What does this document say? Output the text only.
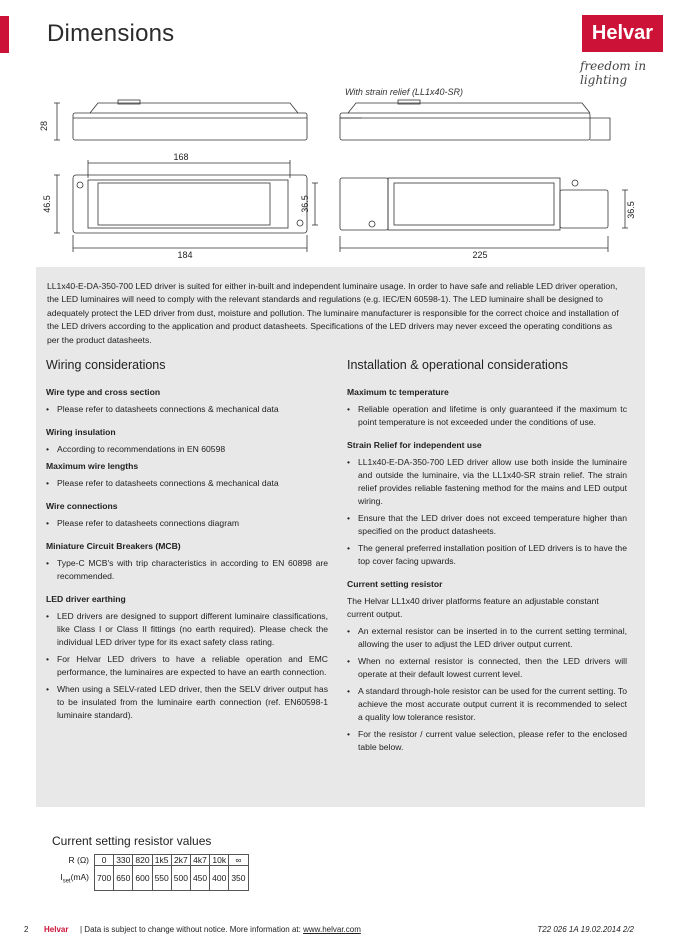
Dimensions	Helvar
freedom in lighting
With strain relief (LL1x40-SR)
28
168
46.5	36.5
184	225
36.5
LL1x40-E-DA-350-700 LED driver is suited for either in-built and independent luminaire usage. In order to have safe and reliable LED driver operation, the LED luminaires will need to comply with the relevant standards and regulations (e.g. IEC/EN 60598-1). The LED luminaire shall be designed to adequately protect the LED driver from dust, moisture and pollution. The luminaire manufacturer is responsible for the correct choice and installation of the LED drivers according to the application and product datasheets. Specifications of the LED drivers may never exceed the operating conditions as per the product datasheets.
Wiring considerations
Wire type and cross section
• Please refer to datasheets connections & mechanical data
Wiring insulation
• According to recommendations in EN 60598
Maximum wire lengths
• Please refer to datasheets connections & mechanical data
Wire connections
• Please refer to datasheets connections diagram
Miniature Circuit Breakers (MCB)
• Type-C MCB's with trip characteristics in according to EN 60898 are recommended.
LED driver earthing
• LED drivers are designed to support different luminaire classifications, like Class I or Class II fittings (no earth required). Please check the individual LED driver type for its exact safety class rating.
• For Helvar LED drivers to have a reliable operation and EMC performance, the luminaires are expected to have an earth connection.
• When using a SELV-rated LED driver, then the SELV driver output has to be insulated from the luminaire earth connection (ref. EN60598-1 luminaire standard).
Installation & operational considerations
Maximum tc temperature
• Reliable operation and lifetime is only guaranteed if the maximum tc point temperature is not exceeded under the conditions of use.
Strain Relief for independent use
• LL1x40-E-DA-350-700 LED driver allow use both inside the luminaire and outside the luminaire, via the LL1x40-SR strain relief. The strain relief provides reliable fastening method for the mains and LED output wiring.
• Ensure that the LED driver does not exceed temperature higher than specified on the product datasheets.
• The general preferred installation position of LED drivers is to have the top cover facing upwards.
Current setting resistor

The Helvar LL1x40 driver platforms feature an adjustable constant current output.

• An external resistor can be inserted in to the current setting terminal, allowing the user to adjust the LED driver output current.
• When no external resistor is connected, then the LED drivers will operate at their default lowest current level.
• A standard through-hole resistor can be used for the current setting. To achieve the most accurate output current it is recommended to select a quality low tolerance resistor.
• For the resistor / current value selection, please refer to the enclosed table below.
Current setting resistor values
R (Ω)	0	330	820	1k5	2k7	4k7	10k	∞
$I_{set}(mA)$	700	650	600	550	500	450	400	350
2 Helvar | Data is subject to change without notice. More information at: www.helvar.com	T22 026 1A 19.02.2014 2/2
